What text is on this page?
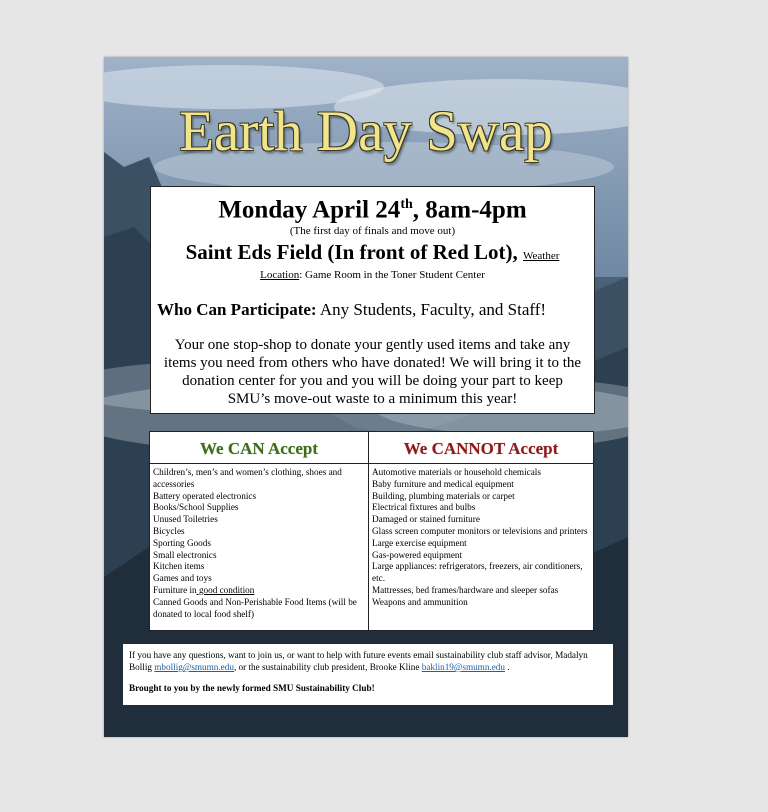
Earth Day Swap
Monday April 24th, 8am-4pm
(The first day of finals and move out)
Saint Eds Field (In front of Red Lot), Weather
Location: Game Room in the Toner Student Center
Who Can Participate: Any Students, Faculty, and Staff!
Your one stop-shop to donate your gently used items and take any items you need from others who have donated! We will bring it to the donation center for you and you will be doing your part to keep SMU’s move-out waste to a minimum this year!
We CAN Accept
Children’s, men’s and women’s clothing, shoes and accessories
Battery operated electronics
Books/School Supplies
Unused Toiletries
Bicycles
Sporting Goods
Small electronics
Kitchen items
Games and toys
Furniture in good condition
Canned Goods and Non-Perishable Food Items (will be donated to local food shelf)
We CANNOT Accept
Automotive materials or household chemicals
Baby furniture and medical equipment
Building, plumbing materials or carpet
Electrical fixtures and bulbs
Damaged or stained furniture
Glass screen computer monitors or televisions and printers
Large exercise equipment
Gas-powered equipment
Large appliances: refrigerators, freezers, air conditioners, etc.
Mattresses, bed frames/hardware and sleeper sofas
Weapons and ammunition
If you have any questions, want to join us, or want to help with future events email sustainability club staff advisor, Madalyn Bollig mbollig@smumn.edu, or the sustainability club president, Brooke Kline baklin19@smumn.edu .
Brought to you by the newly formed SMU Sustainability Club!
